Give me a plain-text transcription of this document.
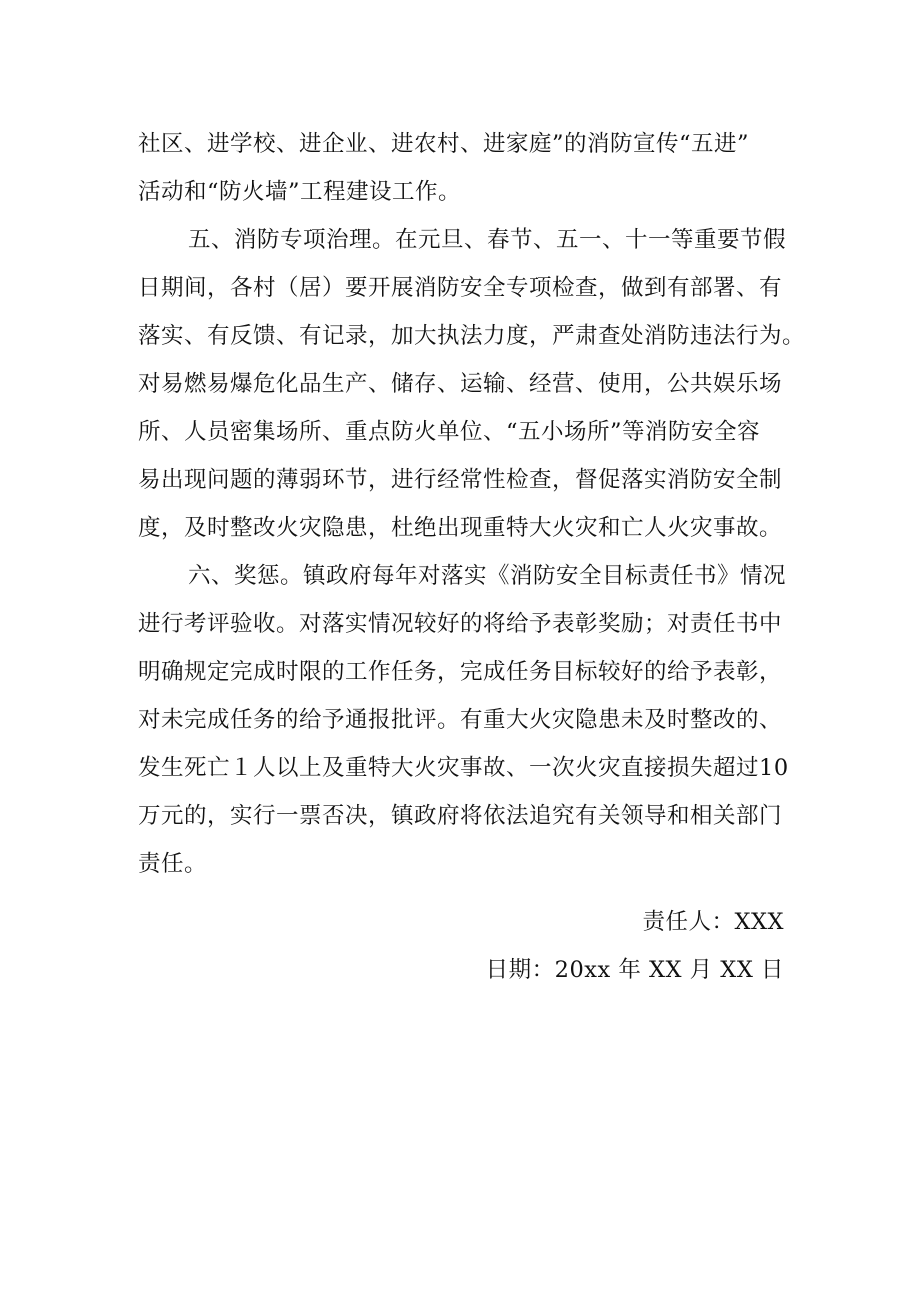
社区、进学校、进企业、进农村、进家庭”的消防宣传“五进”
活动和“防火墙”工程建设工作。
五、消防专项治理。在元旦、春节、五一、十一等重要节假
日期间，各村（居）要开展消防安全专项检查，做到有部署、有
落实、有反馈、有记录，加大执法力度，严肃查处消防违法行为。
对易燃易爆危化品生产、储存、运输、经营、使用，公共娱乐场
所、人员密集场所、重点防火单位、“五小场所”等消防安全容
易出现问题的薄弱环节，进行经常性检查，督促落实消防安全制
度，及时整改火灾隐患，杜绝出现重特大火灾和亡人火灾事故。
六、奖惩。镇政府每年对落实《消防安全目标责任书》情况
进行考评验收。对落实情况较好的将给予表彰奖励；对责任书中
明确规定完成时限的工作任务，完成任务目标较好的给予表彰，
对未完成任务的给予通报批评。有重大火灾隐患未及时整改的、
发生死亡１人以上及重特大火灾事故、一次火灾直接损失超过10
万元的，实行一票否决，镇政府将依法追究有关领导和相关部门
责任。
责任人：XXX
日期：20xx 年 XX 月 XX 日
